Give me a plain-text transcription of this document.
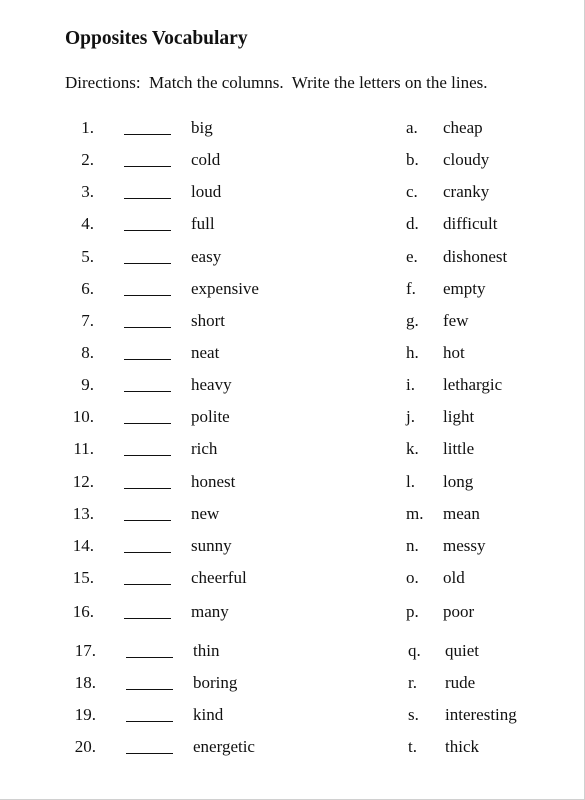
Opposites Vocabulary
Directions:  Match the columns.  Write the letters on the lines.
1.	big	a. cheap
2.	cold	b. cloudy
3.	loud	c. cranky
4.	full	d. difficult
5.	easy	e. dishonest
6.	expensive	f. empty
7.	short	g. few
8.	neat	h. hot
9.	heavy	i. lethargic
10.	polite	j. light
11.	rich	k. little
12.	honest	l. long
13.	new	m. mean
14.	sunny	n. messy
15.	cheerful	o. old
16.	many	p. poor
17.	thin	q. quiet
18.	boring	r. rude
19.	kind	s. interesting
20.	energetic	t. thick
